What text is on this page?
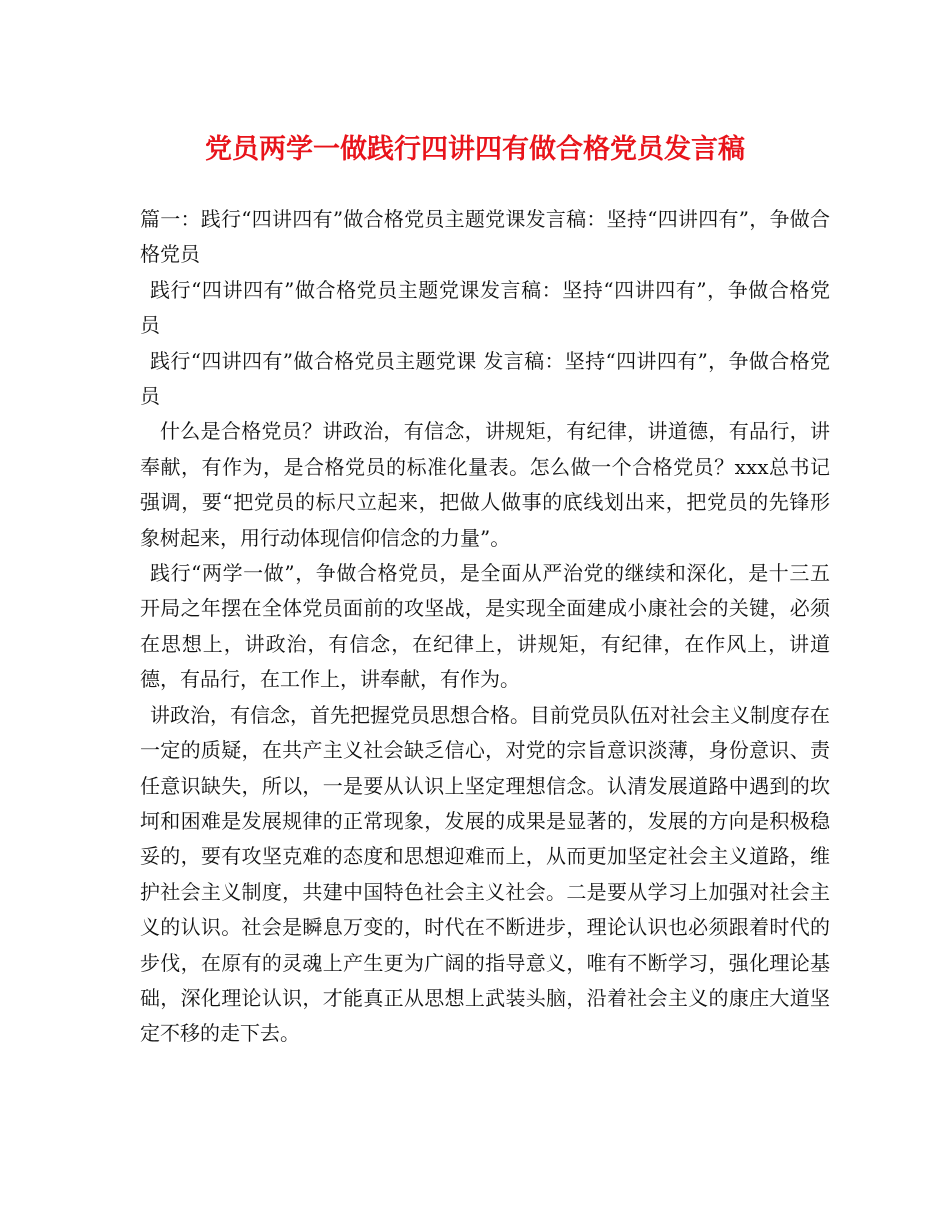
党员两学一做践行四讲四有做合格党员发言稿

篇一：践行“四讲四有”做合格党员主题党课发言稿：坚持“四讲四有”，争做合格党员

践行“四讲四有”做合格党员主题党课发言稿：坚持“四讲四有”，争做合格党员

践行“四讲四有”做合格党员主题党课 发言稿：坚持“四讲四有”，争做合格党员

什么是合格党员？讲政治，有信念，讲规矩，有纪律，讲道德，有品行，讲奉献，有作为，是合格党员的标准化量表。怎么做一个合格党员？xxx总书记强调，要“把党员的标尺立起来，把做人做事的底线划出来，把党员的先锋形象树起来，用行动体现信仰信念的力量”。

践行“两学一做”，争做合格党员，是全面从严治党的继续和深化，是十三五开局之年摆在全体党员面前的攻坚战，是实现全面建成小康社会的关键，必须在思想上，讲政治，有信念，在纪律上，讲规矩，有纪律，在作风上，讲道德，有品行，在工作上，讲奉献，有作为。

讲政治，有信念，首先把握党员思想合格。目前党员队伍对社会主义制度存在一定的质疑，在共产主义社会缺乏信心，对党的宗旨意识淡薄，身份意识、责任意识缺失，所以，一是要从认识上坚定理想信念。认清发展道路中遇到的坎坷和困难是发展规律的正常现象，发展的成果是显著的，发展的方向是积极稳妥的，要有攻坚克难的态度和思想迎难而上，从而更加坚定社会主义道路，维护社会主义制度，共建中国特色社会主义社会。二是要从学习上加强对社会主义的认识。社会是瞬息万变的，时代在不断进步，理论认识也必须跟着时代的步伐，在原有的灵魂上产生更为广阔的指导意义，唯有不断学习，强化理论基础，深化理论认识，才能真正从思想上武装头脑，沿着社会主义的康庄大道坚定不移的走下去。
